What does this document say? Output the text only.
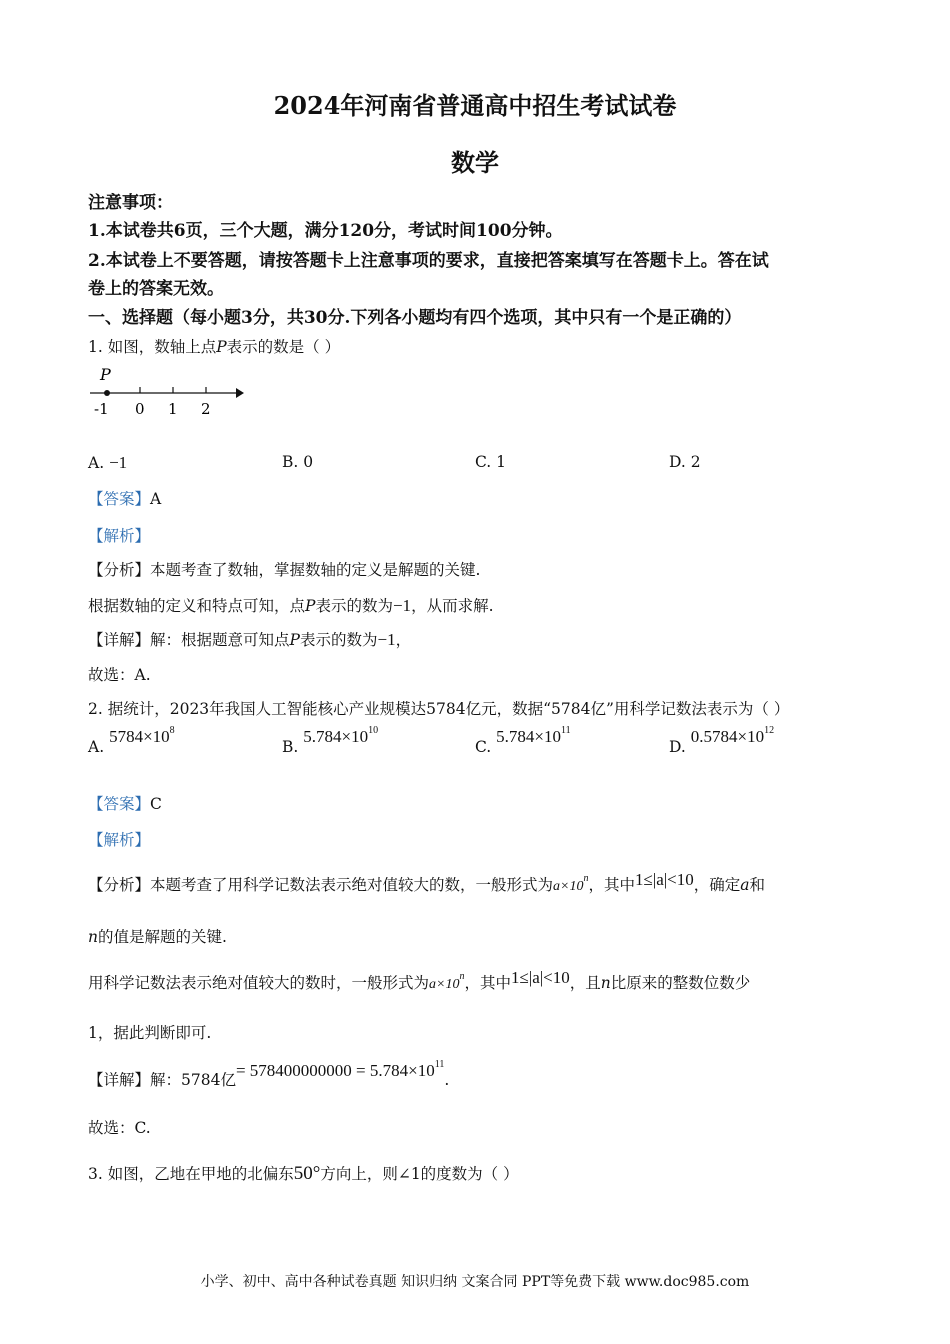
2024年河南省普通高中招生考试试卷
数学
注意事项：
1.本试卷共6页，三个大题，满分120分，考试时间100分钟。
2.本试卷上不要答题，请按答题卡上注意事项的要求，直接把答案填写在答题卡上。答在试
卷上的答案无效。
一、选择题（每小题3分，共30分.下列各小题均有四个选项，其中只有一个是正确的）
1. 如图，数轴上点P表示的数是（ ）
P
-1 0 1 2
A. −1	B. 0	C. 1	D. 2
【答案】A
【解析】
【分析】本题考查了数轴，掌握数轴的定义是解题的关键.
根据数轴的定义和特点可知，点P表示的数为−1，从而求解.
【详解】解：根据题意可知点P表示的数为−1，
故选：A.
2. 据统计，2023年我国人工智能核心产业规模达5784亿元，数据“5784亿”用科学记数法表示为（ ）
A. $5784\times 10^8$
B. $5.784\times 10^{10}$
C. $5.784\times 10^{11}$
D. $0.5784\times 10^{12}$
【答案】C
【解析】
【分析】本题考查了用科学记数法表示绝对值较大的数，一般形式为$a\times 10^n$，其中1≤|a|<10，确定a和
n的值是解题的关键.
用科学记数法表示绝对值较大的数时，一般形式为$a\times 10^n$，其中1≤|a|<10，且n比原来的整数位数少
1，据此判断即可.
【详解】解：5784亿= $578400000000 = 5.784\times 10^{11}$.
故选：C.
3. 如图，乙地在甲地的北偏东50°方向上，则∠1的度数为（ ）
小学、初中、高中各种试卷真题 知识归纳 文案合同 PPT等免费下载 www.doc985.com
